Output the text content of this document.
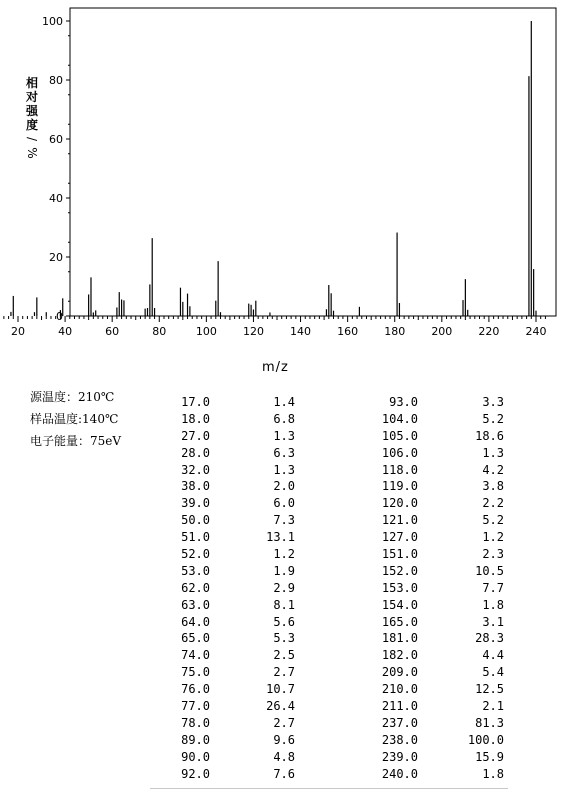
0
20
40
60
80
100
20	40	60	80	100 120 140 160 180 200 220 240
相
对
强
度
/
%
m/z
源温度：210℃
样品温度:140℃
电子能量：75eV
17.0	1.4	93.0	3.3
18.0	6.8	104.0	5.2
27.0	1.3	105.0	18.6
28.0	6.3	106.0	1.3
32.0	1.3	118.0	4.2
38.0	2.0	119.0	3.8
39.0	6.0	120.0	2.2
50.0	7.3	121.0	5.2
51.0	13.1	127.0	1.2
52.0	1.2	151.0	2.3
53.0	1.9	152.0	10.5
62.0	2.9	153.0	7.7
63.0	8.1	154.0	1.8
64.0	5.6	165.0	3.1
65.0	5.3	181.0	28.3
74.0	2.5	182.0	4.4
75.0	2.7	209.0	5.4
76.0	10.7	210.0	12.5
77.0	26.4	211.0	2.1
78.0	2.7	237.0	81.3
89.0	9.6	238.0	100.0
90.0	4.8	239.0	15.9
92.0	7.6	240.0	1.8
